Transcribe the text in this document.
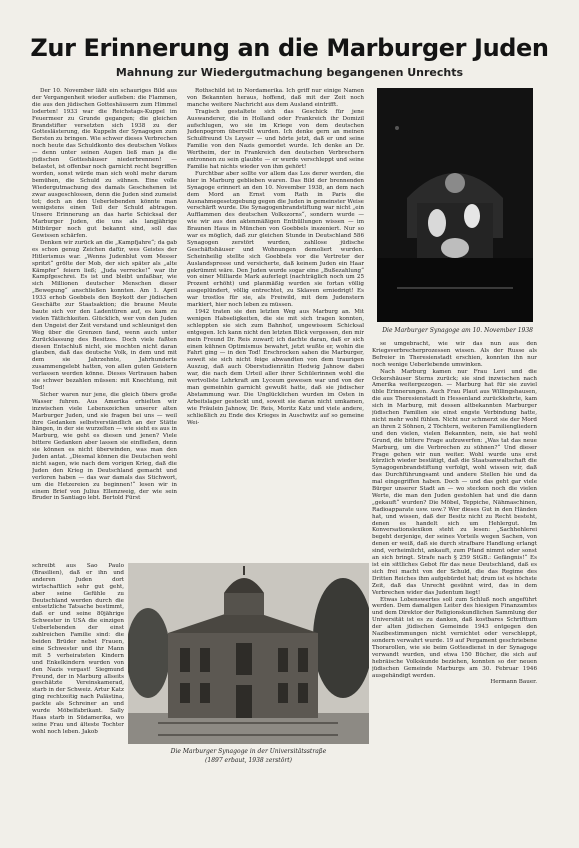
Zur Erinnerung an die Marburger Juden
Mahnung zur Wiedergutmachung begangenen Unrechts

Der 10. November läßt ein schauriges Bild aus der Vergangenheit wieder aufleben: die Flammen, die aus den jüdischen Gotteshäusern zum Himmel loderten! 1933 war die Reichstags-Kuppel im Feuermeer zu Grunde gegangen; die gleichen Brandstifter versetzten sich 1938 zu der Gotteslästerung, die Kuppeln der Synagogen zum Bersten zu bringen. Wie schwer dieses Verbrechen noch heute das Schuldkonto des deutschen Volkes — denn unter seinen Augen ließ man ja die jüdischen Gotteshäuser niederbrennen! — belastet, ist offenbar noch garnicht recht begriffen worden, sonst würde man sich wohl mehr darum bemühen, die Schuld zu sühnen. Eine volle Wiedergutmachung des damals Geschehenen ist zwar ausgeschlossen, denn die Juden sind zumeist tot; doch an den Ueberlebenden könnte man wenigstens einen Teil der Schuld abtragen. Unsere Erinnerung an das harte Schicksal der Marburger Juden, die uns als langjährige Mitbürger noch gut bekannt sind, soll das Gewissen schärfen.

Denken wir zurück an die „Kampfjahre“; da gab es schon genug Zeichen dafür, wes Geistes der Hitlerismus war. „Wenns Judenblut vom Messer spritzt“ grölte der Mob, der sich später als „alte Kämpfer“ feiern ließ; „Juda verrecke!“ war ihr Kampfgeschrei. Es ist und bleibt unfaßbar, wie sich Millionen deutscher Menschen dieser „Bewegung“ anschließen konnten. Am 1. April 1933 erhob Goebbels den Boykott der jüdischen Geschäfte zur Staatsaktion; die braune Meute baute sich vor den Ladentüren auf, es kam zu vielen Tätlichkeiten. Glücklich, wer von den Juden den Ungeist der Zeit verstand und schleunigst den Weg über die Grenzen fand, wenn auch unter Zurücklassung des Besitzes. Doch viele faßten diesen Entschluß nicht, sie mochten nicht daran glauben, daß das deutsche Volk, in dem und mit dem sie Jahrzehnte, Jahrhunderte zusammengelebt hatten, von allen guten Geistern verlassen werden könne. Dieses Vertrauen haben sie schwer bezahlen müssen: mit Knechtung, mit Tod!

Sicher waren nur jene, die gleich übers große Wasser fuhren. Aus Amerika erhielten wir inzwischen viele Lebenszeichen unserer alten Marburger Juden, und sie fragen bei uns — weil ihre Gedanken selbstverständlich an der Stätte hängen, in der sie wurzelten — wie sieht es aus in Marburg, wie geht es diesen und jenen? Viele bittere Gedanken aber lassen sie einfließen, denn sie können es nicht überwinden, was man den Juden antat. „Diesmal können die Deutschen wohl nicht sagen, wie nach dem vorigen Krieg, daß die Juden den Krieg in Deutschland gemacht und verloren haben — das war damals das Stichwort, um die Hetzereien zu beginnen!“ lesen wir in einem Brief von Julius Ellenzweig, der wie sein Bruder in Santiago lebt. Bertold Fürst

schreibt aus Sao Paulo (Brasilien), daß er ihn und anderen Juden dort wirtschaftlich sehr gut geht, aber seine Gefühle zu Deutschland werden durch die entsetzliche Tatsache bestimmt, daß er und seine 80jährige Schwester in USA die einzigen Ueberlebenden der einst zahlreichen Familie sind: die beiden Brüder nebst Frauen, eine Schwester und ihr Mann mit 5 verheirateten Kindern und Enkelkindern wurden von den Nazis vergast! Siegmund Freund, der in Marburg allseits geschätzte Vereinskamerad, starb in der Schweiz. Artur Katz ging rechtzeitig nach Palästina, packte als Schreiner an und wurde Möbelfabrikant. Sally Haas starb in Südamerika, wo seine Frau und älteste Tochter wohl noch leben. Jakob

Rothschild ist in Nordamerika. Ich griff nur einige Namen von Bekannten heraus, hoffend, daß mit der Zeit noch manche weitere Nachricht aus dem Ausland eintrifft.

Tragisch gestaltete sich das Geschick für jene Auswanderer, die in Holland oder Frankreich ihr Domizil aufschlugen, wo sie im Kriege von dem deutschen Judenpogrom überrollt wurden. Ich denke gern an meinen Schulfreund Us Leyser — und hörte jetzt, daß er und seine Familie von den Nazis gemordet wurde. Ich denke an Dr. Wertheim, der in Frankreich den deutschen Verbrechern entronnen zu sein glaubte — er wurde verschleppt und seine Familie hat nichts wieder von ihm gehört!

Furchtbar aber sollte vor allem das Los derer werden, die hier in Marburg geblieben waren. Das Bild der brennenden Synagoge erinnert an den 10. November 1938, an dem nach dem Mord an Ernst vom Rath in Paris die Ausnahmegesetzgebung gegen die Juden in gemeinster Weise verschärft wurde. Die Synagogenbrandstiftung war nicht „ein Aufflammen des deutschen Volkszorns“, sondern wurde — wie wir aus den aktenmäßigen Enthüllungen wissen — im Braunen Haus in München von Goebbels inszeniert. Nur so war es möglich, daß zur gleichen Stunde in Deutschland 586 Synagogen zerstört wurden, zahllose jüdische Geschäftshäuser und Wohnungen demoliert wurden. Scheinheilig stellte sich Goebbels vor die Vertreter der Auslandspresse und versicherte, daß keinem Juden ein Haar gekrümmt wäre. Den Juden wurde sogar eine „Bußezahlung“ von einer Milliarde Mark auferlegt (nachträglich noch um 25 Prozent erhöht) und planmäßig wurden sie fortan völlig ausgeplündert, völlig entrechtet, zu Sklaven erniedrigt! Es war trostlos für sie, als Freiwild, mit dem Judenstern markiert, hier noch leben zu müssen.

1942 traten sie den letzten Weg aus Marburg an. Mit wenigen Habseligkeiten, die sie mit sich tragen konnten, schleppten sie sich zum Bahnhof, ungewissem Schicksal entgegen. Ich kann nicht den letzten Blick vergessen, den mir mein Freund Dr. Reis zuwarf; ich dachte daran, daß er sich einen kühnen Optimismus bewahrt, jetzt wußte er, wohin die Fahrt ging — in den Tod! Erschrocken sahen die Marburger, soweit sie sich nicht feige abwandten von dem traurigen Auszug, daß auch Oberstudienrätin Hedwig Jahnow dabei war, die nach dem Urteil aller ihrer Schülerinnen wohl die wertvollste Lehrkraft am Lyceum gewesen war und von der man gemeinhin garnicht gewußt hatte, daß sie jüdischer Abstammung war. Die Unglücklichen wurden im Osten in Arbeitslager gesteckt und, soweit sie daran nicht umkamen, wie Fräulein Jahnow, Dr. Reis, Moritz Katz und viele andere, schließlich zu Ende des Krieges in Auschwitz auf so gemeine Wei-

Die Marburger Synagoge am 10. November 1938

se umgebracht, wie wir das nun aus den Kriegsverbrecherprozessen wissen. Als der Russe als Befreier in Theresienstadt erschien, konnten ihn nur noch wenige Ueberlebende umwinken.

Nach Marburg kamen nur Frau Levi und die Ockershäuser Sterns zurück; sie sind inzwischen nach Amerika weitergezogen. — Marburg hat für sie zuviel üble Erinnerungen. Auch Frau Plaut aus Willingshausen, die aus Theresienstadt in Hessenland zurückkehrte, kam sich in Marburg, mit dessen altbekannten Marburger jüdischen Familien sie einst engste Verbindung hatte, nicht mehr wohl fühlen. Nicht nur schmerzt sie der Mord an ihren 2 Söhnen, 2 Töchtern, weiteren Familiengliedern und den vielen, vielen Bekannten, nein, sie hat wohl Grund, die bittere Frage aufzuwerfen: „Was tat das neue Marburg, um die Verbrechen zu sühnen?“ Und dieser Frage gehen wir nun weiter. Wohl wurde uns erst kürzlich wieder bestätigt, daß die Staatsanwaltschaft die Synagogenbrandstiftung verfolgt, wohl wissen wir, daß das Durchführungsamt und andere Stellen hie und da mal eingegriffen haben. Doch — und das geht gar viele Bürger unserer Stadt an — wo stecken noch die vielen Werte, die man den Juden gestohlen hat und die dann „gekauft“ wurden? Die Möbel, Teppiche, Nähmaschinen, Radioapparate usw. usw.? Wer dieses Gut in den Händen hat, und wissen, daß der Besitz nicht zu Recht besteht, denen es handelt sich um Hehlergut. Im Konversationslexikon steht zu lesen: „Sachhehlerei begeht derjenige, der seines Vorteils wegen Sachen, von denen er weiß, daß sie durch strafbare Handlung erlangt sind, verheimlicht, ankauft, zum Pfand nimmt oder sonst an sich bringt. Strafe nach § 259 StGB.: Gefängnis!“ Es ist ein sittliches Gebot für das neue Deutschland, daß es sich frei macht von der Schuld, die das Regime des Dritten Reiches ihm aufgebürdet hat; drum ist es höchste Zeit, daß das Unrecht gesühnt wird, das in dem Verbrechen wider das Judentum liegt!

Etwas Lobenswertes soll zum Schluß noch angeführt werden. Dem damaligen Leiter des hiesigen Finanzamtes und dem Direktor der Religionskundlichen Sammlung der Universität ist es zu danken, daß kostbares Schrifttum der alten jüdischen Gemeinde 1943 entgegen den Nazibestimmungen nicht vernichtet oder verschleppt, sondern verwahrt wurde. 19 auf Pergament geschriebene Thorarollen, wie sie beim Gottesdienst in der Synagoge verwandt wurden, und etwa 150 Bücher, die sich auf hebräische Volkskunde beziehen, konnten so der neuen jüdischen Gemeinde Marburgs am 30. Februar 1946 ausgehändigt werden.

Hermann Bauer.

Die Marburger Synagoge in der Universitätsstraße
(1897 erbaut, 1938 zerstört)
